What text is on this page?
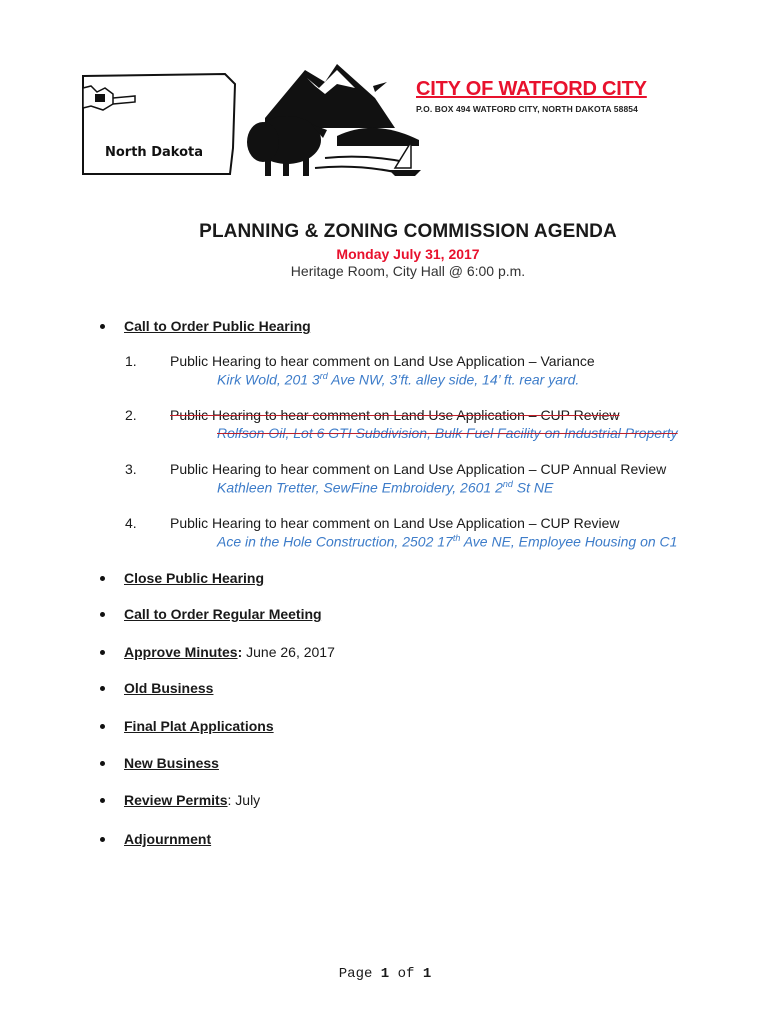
North Dakota
CITY OF WATFORD CITY
P.O. BOX 494 WATFORD CITY, NORTH DAKOTA 58854
PLANNING & ZONING COMMISSION AGENDA
Monday July 31, 2017
Heritage Room, City Hall @ 6:00 p.m.
Call to Order Public Hearing
1. Public Hearing to hear comment on Land Use Application – Variance
Kirk Wold, 201 3rd Ave NW, 3’ft. alley side, 14’ ft. rear yard.
2. Public Hearing to hear comment on Land Use Application – CUP Review
Rolfson Oil, Lot 6 GTI Subdivision, Bulk Fuel Facility on Industrial Property
3. Public Hearing to hear comment on Land Use Application – CUP Annual Review
Kathleen Tretter, SewFine Embroidery, 2601 2nd St NE
4. Public Hearing to hear comment on Land Use Application – CUP Review
Ace in the Hole Construction, 2502 17th Ave NE, Employee Housing on C1
Close Public Hearing
Call to Order Regular Meeting
Approve Minutes: June 26, 2017
Old Business
Final Plat Applications
New Business
Review Permits: July
Adjournment
Page 1 of 1
